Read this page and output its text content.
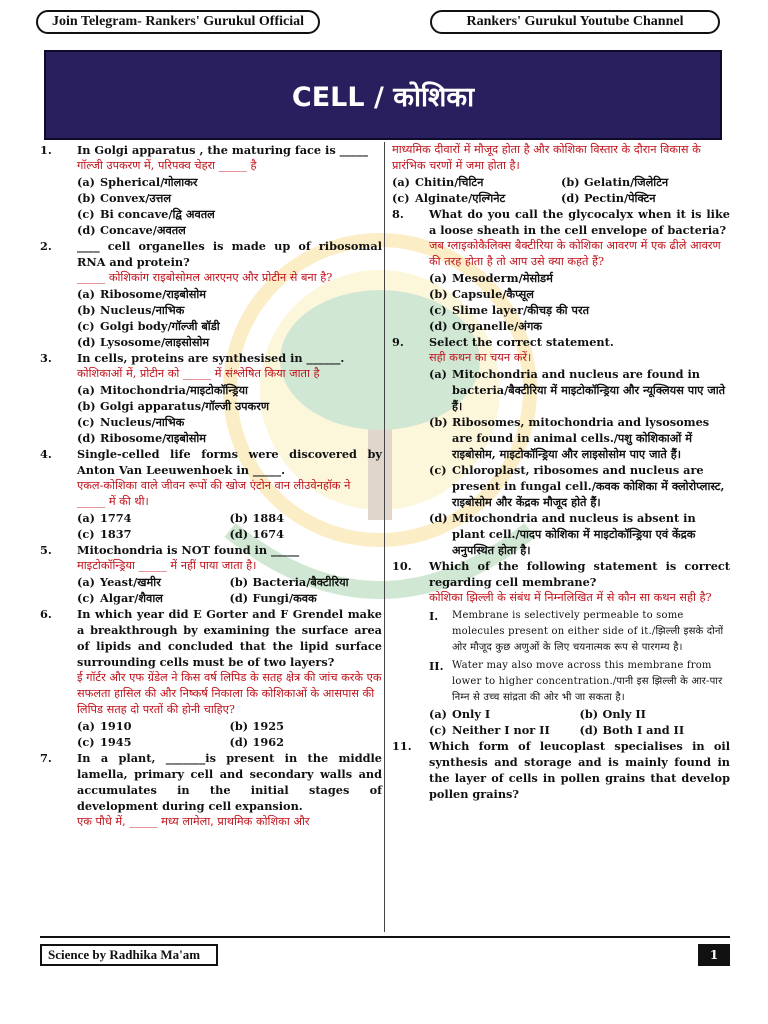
Join Telegram- Rankers' Gurukul Official	Rankers' Gurukul Youtube Channel
CELL / कोशिका
1.	In Golgi apparatus , the maturing face is _____
गॉल्जी उपकरण में, परिपक्व चेहरा _____ है
(a) Spherical/गोलाकर
(b) Convex/उत्तल
(c) Bi concave/द्वि अवतल
(d) Concave/अवतल
2.	____ cell organelles is made up of ribosomal RNA and protein?
_____ कोशिकांग राइबोसोमल आरएनए और प्रोटीन से बना है?
(a) Ribosome/राइबोसोम
(b) Nucleus/नाभिक
(c) Golgi body/गॉल्जी बॉडी
(d) Lysosome/लाइसोसोम
3.	In cells, proteins are synthesised in ______.
कोशिकाओं में, प्रोटीन को _____ में संश्लेषित किया जाता है
(a) Mitochondria/माइटोकॉन्ड्रिया
(b) Golgi apparatus/गॉल्जी उपकरण
(c) Nucleus/नाभिक
(d) Ribosome/राइबोसोम
4.	Single-celled life forms were discovered by Anton Van Leeuwenhoek in _____.
एकल-कोशिका वाले जीवन रूपों की खोज एंटोन वान लीउवेनहॉक ने _____ में की थी।
(a) 1774	(b) 1884
(c) 1837	(d) 1674
5.	Mitochondria is NOT found in _____
माइटोकॉन्ड्रिया _____ में नहीं पाया जाता है।
(a) Yeast/खमीर	(b) Bacteria/बैक्टीरिया
(c) Algar/शैवाल	(d) Fungi/कवक
6.	In which year did E Gorter and F Grendel make a breakthrough by examining the surface area of lipids and concluded that the lipid surface surrounding cells must be of two layers?
ई गॉर्टर और एफ ग्रेंडेल ने किस वर्ष लिपिड के सतह क्षेत्र की जांच करके एक सफलता हासिल की और निष्कर्ष निकाला कि कोशिकाओं के आसपास की लिपिड सतह दो परतों की होनी चाहिए?
(a) 1910	(b) 1925
(c) 1945	(d) 1962
7.	In a plant, _______is present in the middle lamella, primary cell and secondary walls and accumulates in the initial stages of development during cell expansion.
एक पौधे में, _____ मध्य लामेला, प्राथमिक कोशिका और
माध्यमिक दीवारों में मौजूद होता है और कोशिका विस्तार के दौरान विकास के प्रारंभिक चरणों में जमा होता है।
(a) Chitin/चिटिन	(b) Gelatin/जिलेटिन
(c) Alginate/एल्गिनेट	(d) Pectin/पेक्टिन
8.	What do you call the glycocalyx when it is like a loose sheath in the cell envelope of bacteria?
जब ग्लाइकोकैलिक्स बैक्टीरिया के कोशिका आवरण में एक ढीले आवरण की तरह होता है तो आप उसे क्या कहते हैं?
(a) Mesoderm/मेसोडर्म
(b) Capsule/कैप्सूल
(c) Slime layer/कीचड़ की परत
(d) Organelle/अंगक
9.	Select the correct statement.
सही कथन का चयन करें।
(a) Mitochondria and nucleus are found in bacteria/बैक्टीरिया में माइटोकॉन्ड्रिया और न्यूक्लियस पाए जाते हैं।
(b) Ribosomes, mitochondria and lysosomes are found in animal cells./पशु कोशिकाओं में राइबोसोम, माइटोकॉन्ड्रिया और लाइसोसोम पाए जाते हैं।
(c) Chloroplast, ribosomes and nucleus are present in fungal cell./कवक कोशिका में क्लोरोप्लास्ट, राइबोसोम और केंद्रक मौजूद होते हैं।
(d) Mitochondria and nucleus is absent in plant cell./पादप कोशिका में माइटोकॉन्ड्रिया एवं केंद्रक अनुपस्थित होता है।
10.	Which of the following statement is correct regarding cell membrane?
कोशिका झिल्ली के संबंध में निम्नलिखित में से कौन सा कथन सही है?
I.	Membrane is selectively permeable to some molecules present on either side of it./झिल्ली इसके दोनों ओर मौजूद कुछ अणुओं के लिए चयनात्मक रूप से पारगम्य है।
II. Water may also move across this membrane from lower to higher concentration./पानी इस झिल्ली के आर-पार निम्न से उच्च सांद्रता की ओर भी जा सकता है।
(a) Only I	(b) Only II
(c) Neither I nor II	(d) Both I and II
11.	Which form of leucoplast specialises in oil synthesis and storage and is mainly found in the layer of cells in pollen grains that develop pollen grains?
Science by Radhika Ma'am	1
